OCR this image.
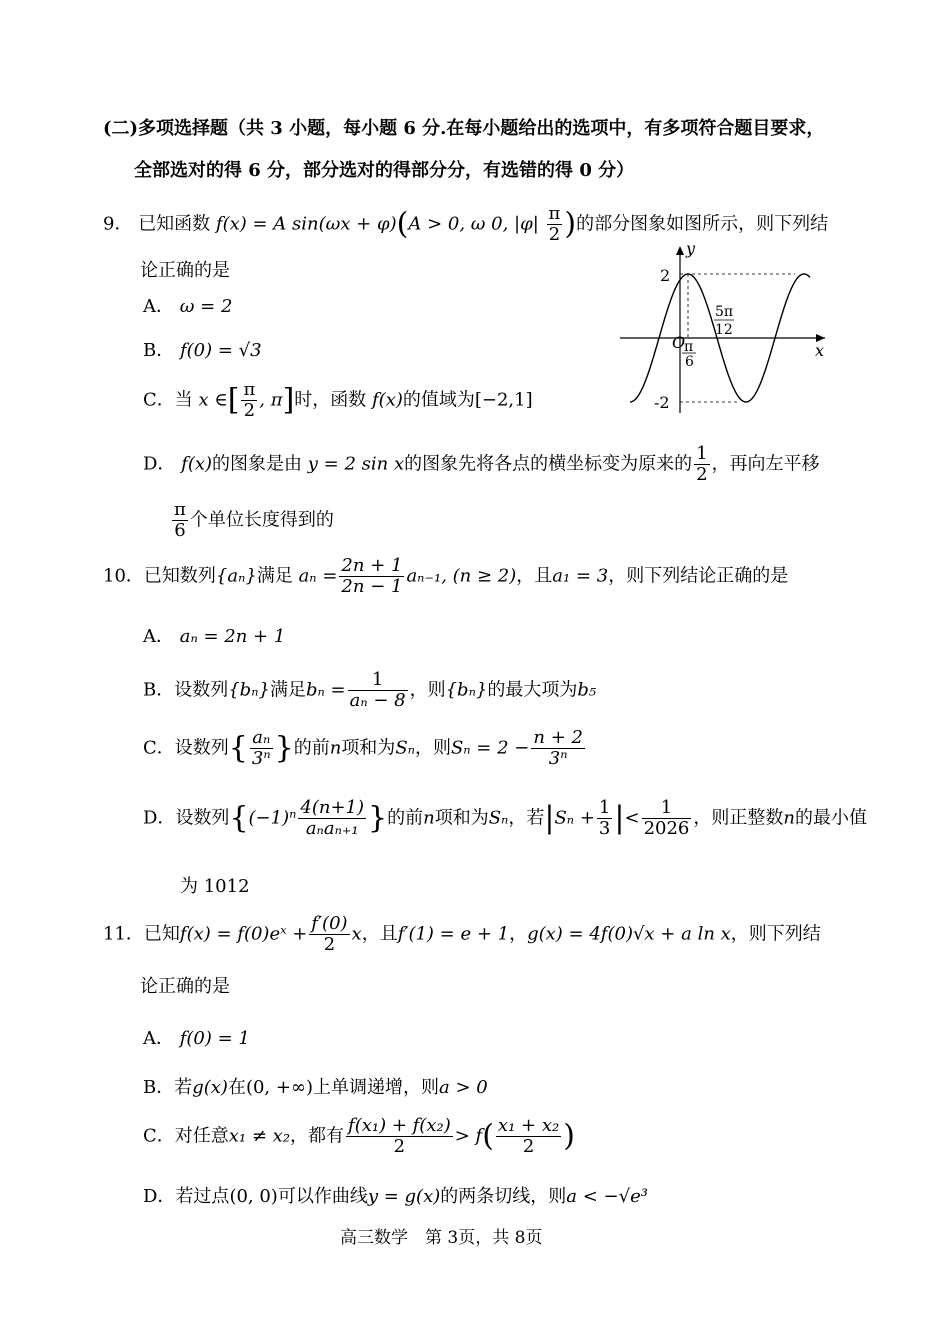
(二)多项选择题（共 3 小题，每小题 6 分.在每小题给出的选项中，有多项符合题目要求，
全部选对的得 6 分，部分选对的得部分分，有选错的得 0 分）
9． 已知函数 f(x) = A sin(ωx + φ)(A > 0, ω 0, $|\varphi| \frac{\pi}{2}$ )的部分图象如图所示，则下列结
论正确的是
A． ω = 2
B． f(0) = √3
C．当 x ∈[ $\frac{\pi}{2}$ , π]时，函数 f(x)的值域为[−2,1]
D． f(x)的图象是由 y = 2 sin x的图象先将各点的横坐标变为原来的 $\frac{1}{2}$ ，再向左平移
$\frac{\pi}{6}$ 个单位长度得到的
y
x
O
2
-2
π
6
5π
12
10．已知数列{aₙ}满足 $a_n = \frac{2n + 1}{2n - 1} a_{n-1}$, (n ≥ 2)，且a₁ = 3，则下列结论正确的是
A． aₙ = 2n + 1
B．设数列{bₙ}满足$b_n = \frac{1}{\text{aₙ − 8}}$ ，则{bₙ}的最大项为b₅
C．设数列{ $\frac{\text{aₙ}}{\text{3ⁿ}}$ }的前n项和为Sₙ，则$S_n = 2 - \frac{n + 2}{\text{3ⁿ}}$
D．设数列{$(-1)^n \frac{4(n+1)}{\text{aₙaₙ₊₁}}$ }的前n项和为Sₙ，若$|S_n + \frac{1}{3}$ |< $\frac{1}{2026}$ ，则正整数n的最小值
为 1012
11．已知f(x) = f(0)eˣ + $\frac{f'(0)}{2}$ x，且f′(1) = e + 1，g(x) = 4f(0)√x + a ln x，则下列结
论正确的是
A． f(0) = 1
B．若g(x)在(0, +∞)上单调递增，则a > 0
C．对任意x₁ ≠ x₂，都有 $\frac{\text{f(x₁) + f(x₂)}}{2} > f( \frac{\text{x₁ + x₂}}{2}$ )
D．若过点(0, 0)可以作曲线y = g(x)的两条切线，则a < −√e³
高三数学　第 3页，共 8页
